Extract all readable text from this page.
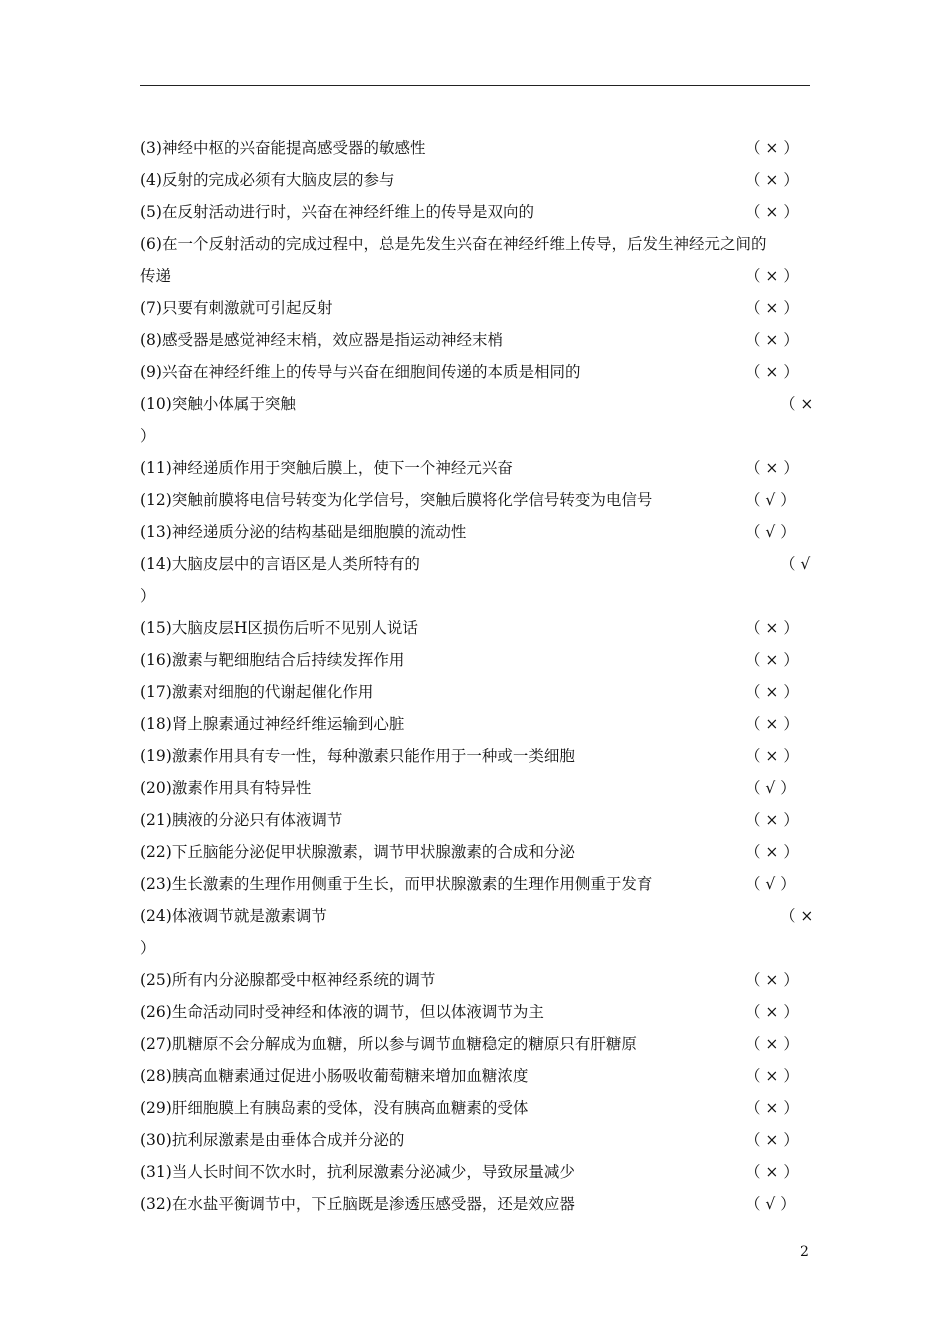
(3)神经中枢的兴奋能提高感受器的敏感性	（ × ）
(4)反射的完成必须有大脑皮层的参与	（ × ）
(5)在反射活动进行时，兴奋在神经纤维上的传导是双向的	（ × ）
(6)在一个反射活动的完成过程中，总是先发生兴奋在神经纤维上传导，后发生神经元之间的
传递	（ × ）
(7)只要有刺激就可引起反射	（ × ）
(8)感受器是感觉神经末梢，效应器是指运动神经末梢	（ × ）
(9)兴奋在神经纤维上的传导与兴奋在细胞间传递的本质是相同的	（ × ）
(10)突触小体属于突触	（ ×
）
(11)神经递质作用于突触后膜上，使下一个神经元兴奋	（ × ）
(12)突触前膜将电信号转变为化学信号，突触后膜将化学信号转变为电信号	（ √ ）
(13)神经递质分泌的结构基础是细胞膜的流动性	（ √ ）
(14)大脑皮层中的言语区是人类所特有的	（ √
）
(15)大脑皮层H区损伤后听不见别人说话	（ × ）
(16)激素与靶细胞结合后持续发挥作用	（ × ）
(17)激素对细胞的代谢起催化作用	（ × ）
(18)肾上腺素通过神经纤维运输到心脏	（ × ）
(19)激素作用具有专一性，每种激素只能作用于一种或一类细胞	（ × ）
(20)激素作用具有特异性	（ √ ）
(21)胰液的分泌只有体液调节	（ × ）
(22)下丘脑能分泌促甲状腺激素，调节甲状腺激素的合成和分泌	（ × ）
(23)生长激素的生理作用侧重于生长，而甲状腺激素的生理作用侧重于发育	（ √ ）
(24)体液调节就是激素调节	（ ×
）
(25)所有内分泌腺都受中枢神经系统的调节	（ × ）
(26)生命活动同时受神经和体液的调节，但以体液调节为主	（ × ）
(27)肌糖原不会分解成为血糖，所以参与调节血糖稳定的糖原只有肝糖原	（ × ）
(28)胰高血糖素通过促进小肠吸收葡萄糖来增加血糖浓度	（ × ）
(29)肝细胞膜上有胰岛素的受体，没有胰高血糖素的受体	（ × ）
(30)抗利尿激素是由垂体合成并分泌的	（ × ）
(31)当人长时间不饮水时，抗利尿激素分泌减少，导致尿量减少	（ × ）
(32)在水盐平衡调节中，下丘脑既是渗透压感受器，还是效应器	（ √ ）
2
